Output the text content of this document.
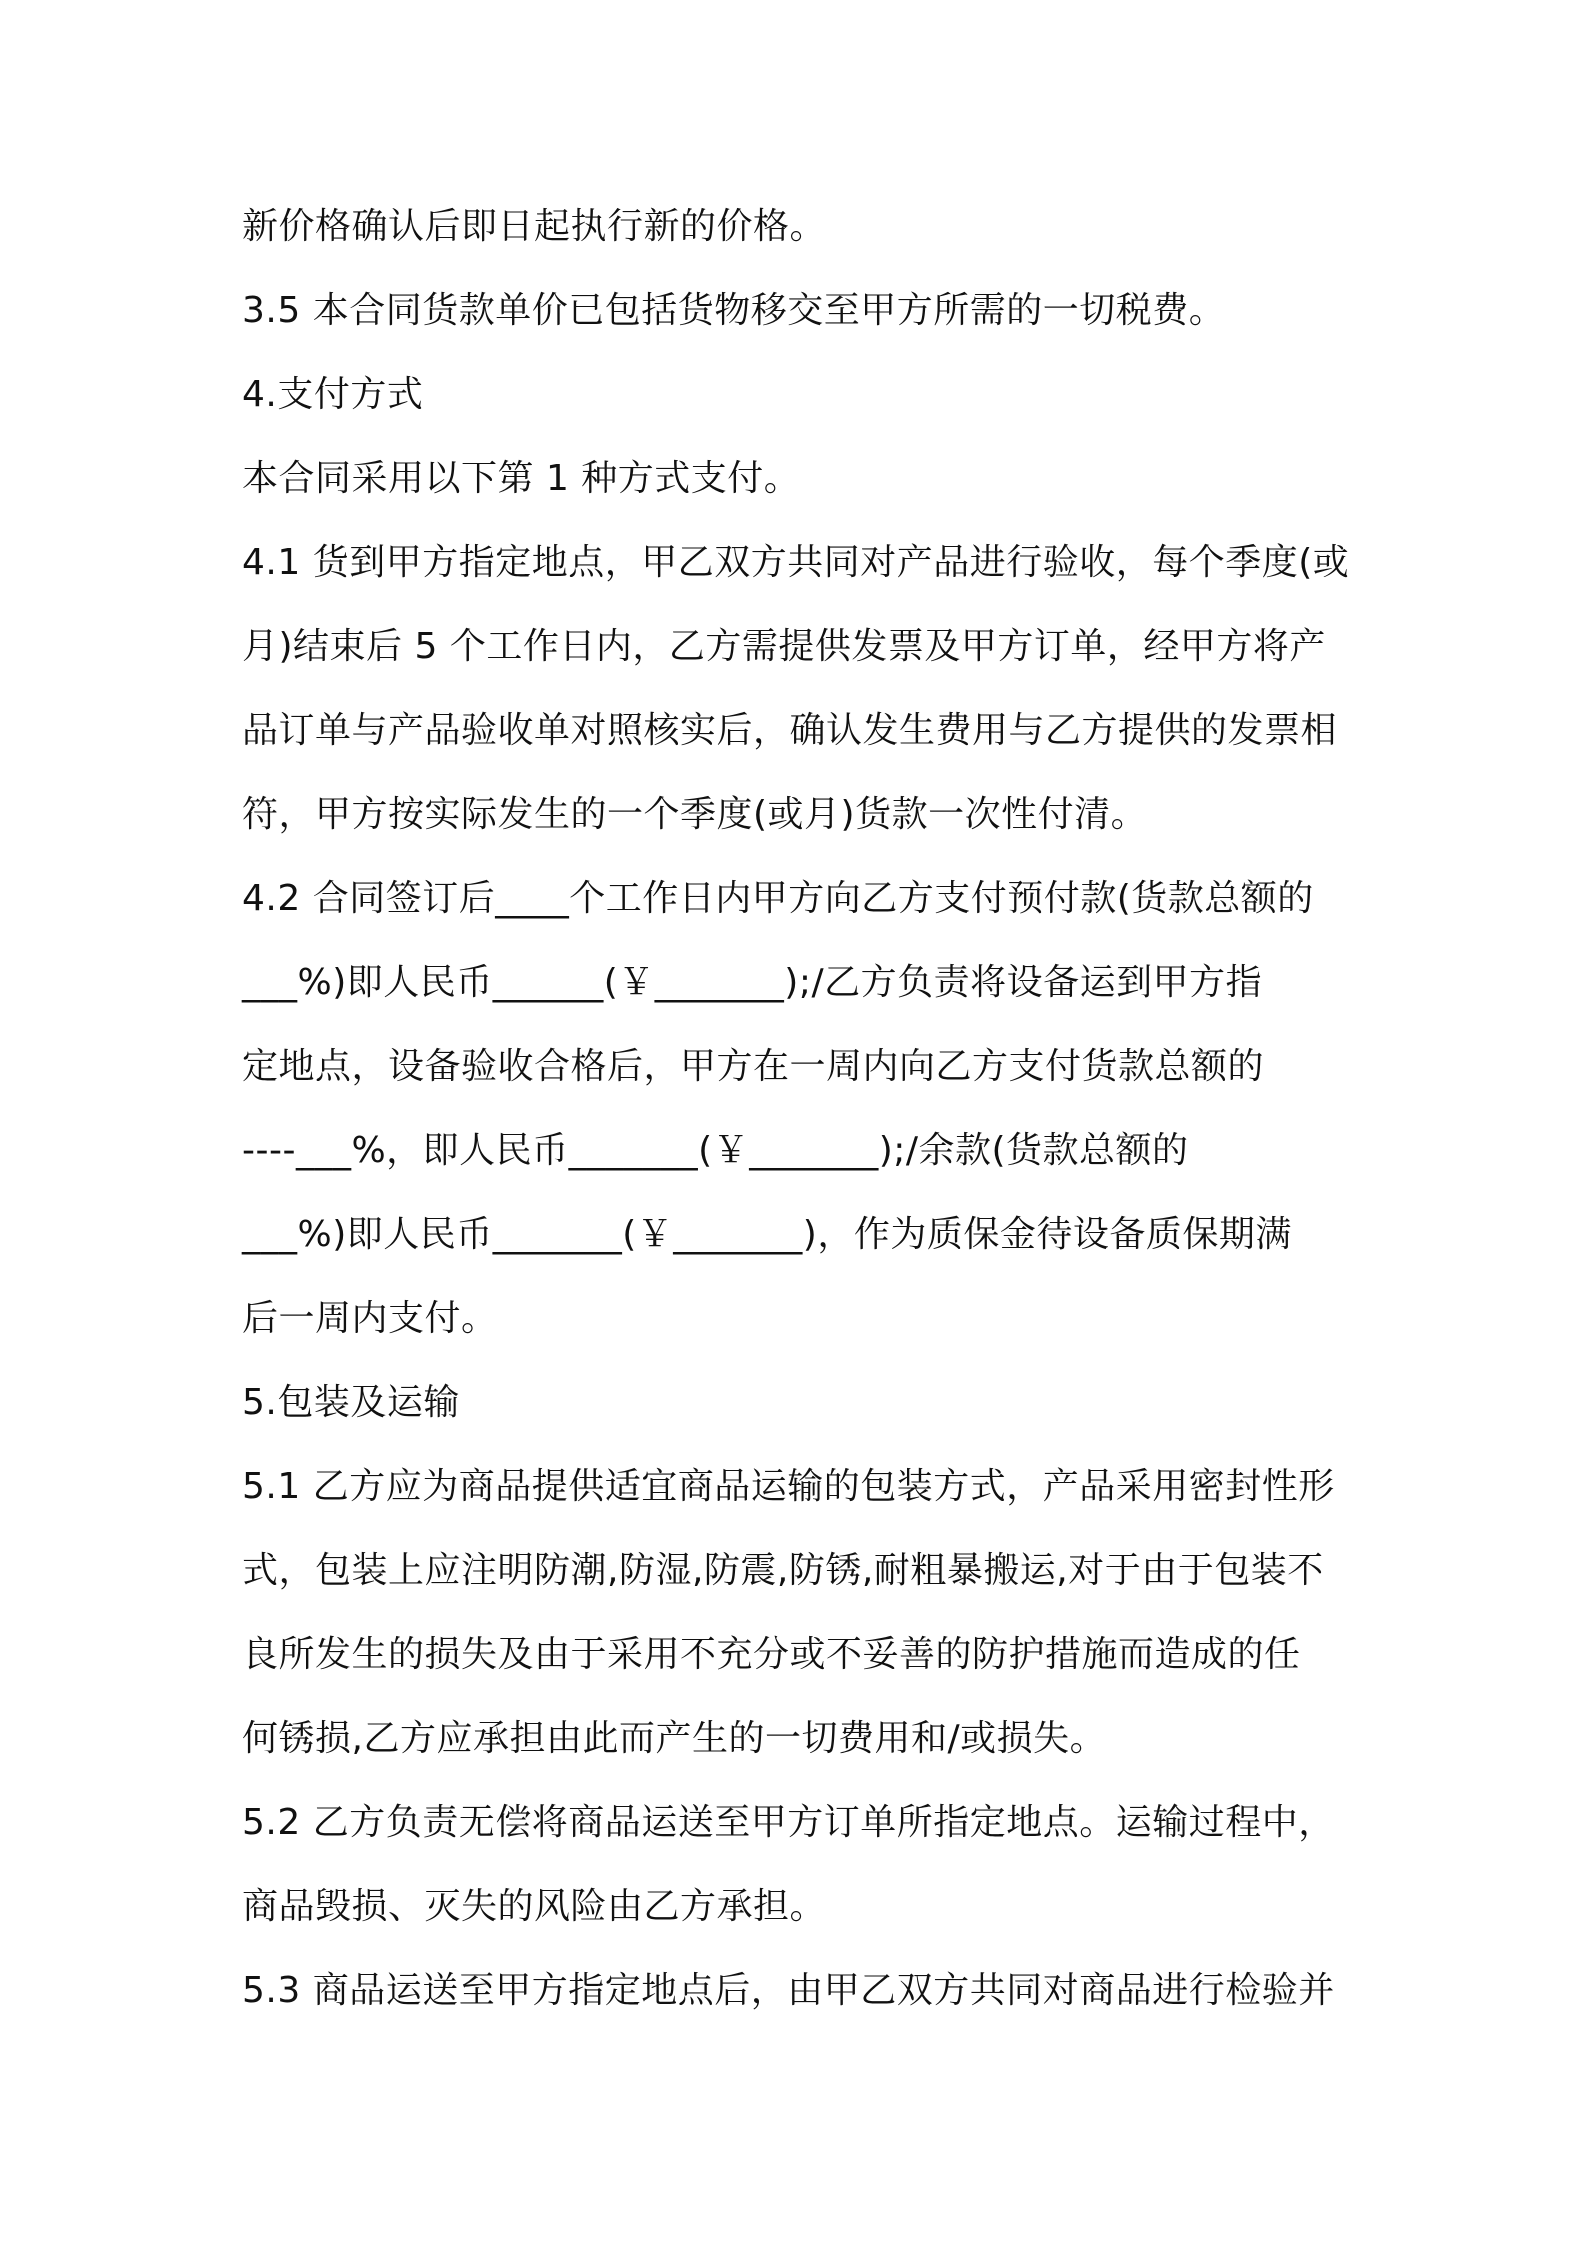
新价格确认后即日起执行新的价格。
3.5 本合同货款单价已包括货物移交至甲方所需的一切税费。
4.支付方式
本合同采用以下第 1 种方式支付。
4.1 货到甲方指定地点，甲乙双方共同对产品进行验收，每个季度(或
月)结束后 5 个工作日内，乙方需提供发票及甲方订单，经甲方将产
品订单与产品验收单对照核实后，确认发生费用与乙方提供的发票相
符，甲方按实际发生的一个季度(或月)货款一次性付清。
4.2 合同签订后____个工作日内甲方向乙方支付预付款(货款总额的
___%)即人民币______(￥_______);/乙方负责将设备运到甲方指
定地点，设备验收合格后，甲方在一周内向乙方支付货款总额的
----___%，即人民币_______(￥_______);/余款(货款总额的
___%)即人民币_______(￥_______)，作为质保金待设备质保期满
后一周内支付。
5.包装及运输
5.1 乙方应为商品提供适宜商品运输的包装方式，产品采用密封性形
式，包装上应注明防潮,防湿,防震,防锈,耐粗暴搬运,对于由于包装不
良所发生的损失及由于采用不充分或不妥善的防护措施而造成的任
何锈损,乙方应承担由此而产生的一切费用和/或损失。
5.2 乙方负责无偿将商品运送至甲方订单所指定地点。运输过程中，
商品毁损、灭失的风险由乙方承担。
5.3 商品运送至甲方指定地点后，由甲乙双方共同对商品进行检验并
